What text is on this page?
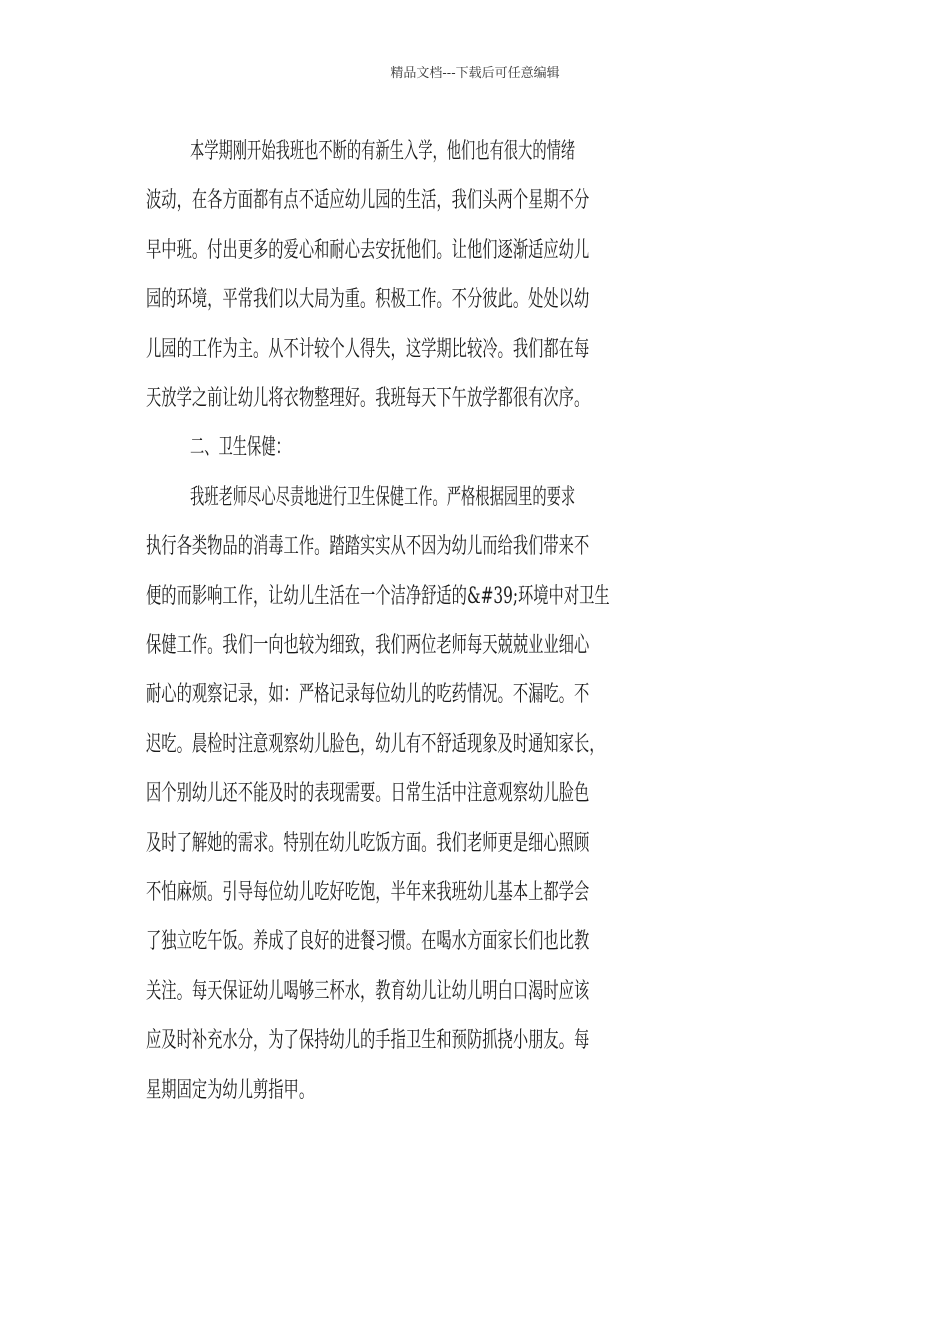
精品文档---下载后可任意编辑
本学期刚开始我班也不断的有新生入学，他们也有很大的情绪
波动，在各方面都有点不适应幼儿园的生活，我们头两个星期不分
早中班。付出更多的爱心和耐心去安抚他们。让他们逐渐适应幼儿
园的环境，平常我们以大局为重。积极工作。不分彼此。处处以幼
儿园的工作为主。从不计较个人得失，这学期比较冷。我们都在每
天放学之前让幼儿将衣物整理好。我班每天下午放学都很有次序。
二、卫生保健：
我班老师尽心尽责地进行卫生保健工作。严格根据园里的要求
执行各类物品的消毒工作。踏踏实实从不因为幼儿而给我们带来不
便的而影响工作，让幼儿生活在一个洁净舒适的&#39;环境中对卫生
保健工作。我们一向也较为细致，我们两位老师每天兢兢业业细心
耐心的观察记录，如：严格记录每位幼儿的吃药情况。不漏吃。不
迟吃。晨检时注意观察幼儿脸色，幼儿有不舒适现象及时通知家长，
因个别幼儿还不能及时的表现需要。日常生活中注意观察幼儿脸色
及时了解她的需求。特别在幼儿吃饭方面。我们老师更是细心照顾
不怕麻烦。引导每位幼儿吃好吃饱，半年来我班幼儿基本上都学会
了独立吃午饭。养成了良好的进餐习惯。在喝水方面家长们也比教
关注。每天保证幼儿喝够三杯水，教育幼儿让幼儿明白口渴时应该
应及时补充水分，为了保持幼儿的手指卫生和预防抓挠小朋友。每
星期固定为幼儿剪指甲。
